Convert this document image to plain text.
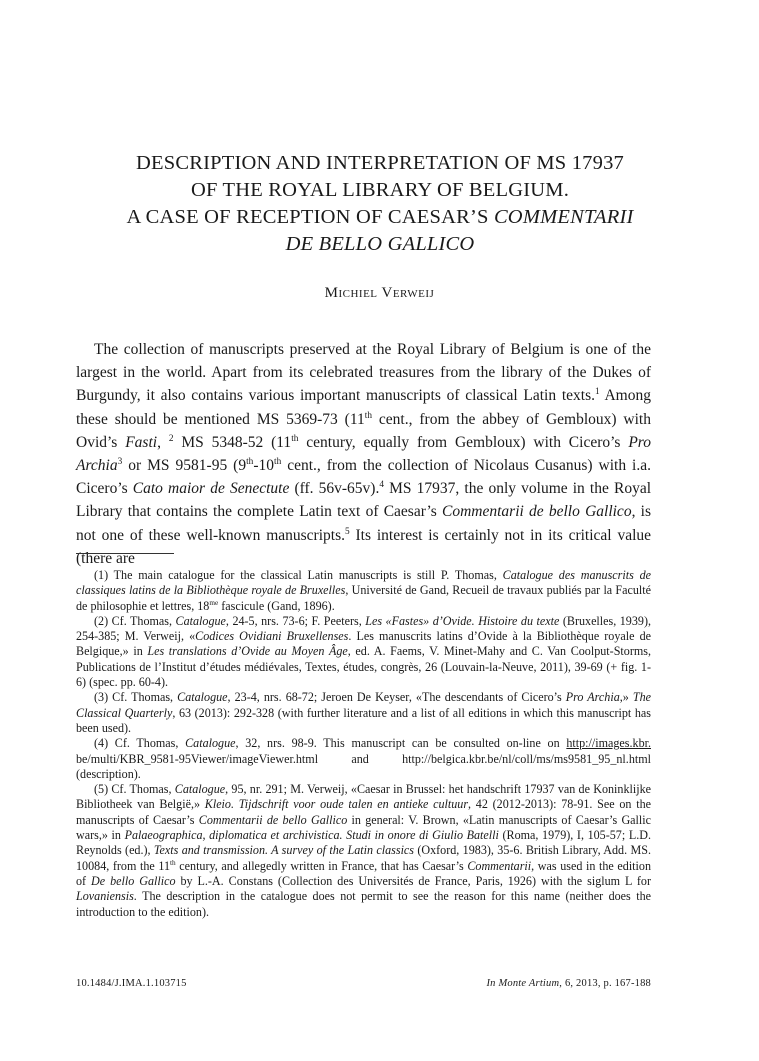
DESCRIPTION AND INTERPRETATION OF MS 17937
OF THE ROYAL LIBRARY OF BELGIUM.
A CASE OF RECEPTION OF CAESAR’S COMMENTARII
DE BELLO GALLICO
Michiel Verweij

The collection of manuscripts preserved at the Royal Library of Belgium is one of the largest in the world. Apart from its celebrated treasures from the library of the Dukes of Burgundy, it also contains various important manuscripts of classical Latin texts.$^1$ Among these should be mentioned MS 5369-73 (11th cent., from the abbey of Gembloux) with Ovid’s Fasti, $^2$ MS 5348-52 (11th century, equally from Gembloux) with Cicero’s Pro Archia$^3$ or MS 9581-95 (9th-10th cent., from the collection of Nicolaus Cusanus) with i.a. Cicero’s Cato maior de Senectute (ff. 56v-65v).$^4$ MS 17937, the only volume in the Royal Library that contains the complete Latin text of Caesar’s Commentarii de bello Gallico, is not one of these well-known manuscripts.$^5$ Its interest is certainly not in its critical value (there are

(1) The main catalogue for the classical Latin manuscripts is still P. Thomas, Catalogue des manuscrits de classiques latins de la Bibliothèque royale de Bruxelles, Université de Gand, Recueil de travaux publiés par la Faculté de philosophie et lettres, $18^{me}$ fascicule (Gand, 1896).

(2) Cf. Thomas, Catalogue, 24-5, nrs. 73-6; F. Peeters, Les «Fastes» d’Ovide. Histoire du texte (Bruxelles, 1939), 254-385; M. Verweij, «Codices Ovidiani Bruxellenses. Les manuscrits latins d’Ovide à la Bibliothèque royale de Belgique,» in Les translations d’Ovide au Moyen Âge, ed. A. Faems, V. Minet-Mahy and C. Van Coolput-Storms, Publications de l’Institut d’études médiévales, Textes, études, congrès, 26 (Louvain-la-Neuve, 2011), 39-69 (+ fig. 1-6) (spec. pp. 60-4).

(3) Cf. Thomas, Catalogue, 23-4, nrs. 68-72; Jeroen De Keyser, «The descendants of Cicero’s Pro Archia,» The Classical Quarterly, 63 (2013): 292-328 (with further literature and a list of all editions in which this manuscript has been used).

(4) Cf. Thomas, Catalogue, 32, nrs. 98-9. This manuscript can be consulted on-line on http://images.kbr. be/multi/KBR_9581-95Viewer/imageViewer.html and http://belgica.kbr.be/nl/coll/ms/ms9581_95_nl.html (description).

(5) Cf. Thomas, Catalogue, 95, nr. 291; M. Verweij, «Caesar in Brussel: het handschrift 17937 van de Koninklijke Bibliotheek van België,» Kleio. Tijdschrift voor oude talen en antieke cultuur, 42 (2012-2013): 78-91. See on the manuscripts of Caesar’s Commentarii de bello Gallico in general: V. Brown, «Latin manuscripts of Caesar’s Gallic wars,» in Palaeographica, diplomatica et archivistica. Studi in onore di Giulio Batelli (Roma, 1979), I, 105-57; L.D. Reynolds (ed.), Texts and transmission. A survey of the Latin classics (Oxford, 1983), 35-6. British Library, Add. MS. 10084, from the 11th century, and allegedly written in France, that has Caesar’s Commentarii, was used in the edition of De bello Gallico by L.-A. Constans (Collection des Universités de France, Paris, 1926) with the siglum L for Lovaniensis. The description in the catalogue does not permit to see the reason for this name (neither does the introduction to the edition).

10.1484/J.IMA.1.103715	In Monte Artium, 6, 2013, p. 167-188
